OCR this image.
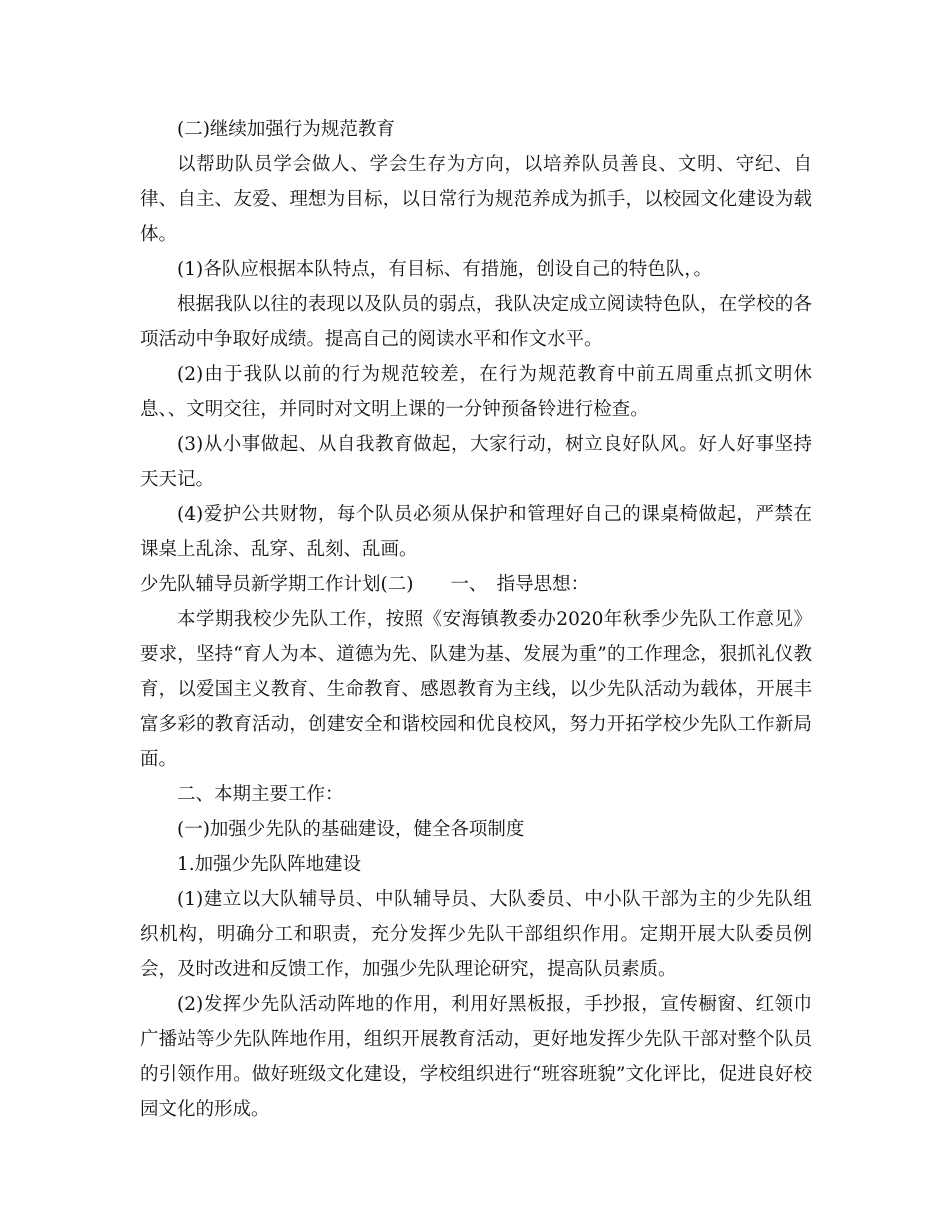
(二)继续加强行为规范教育

以帮助队员学会做人、学会生存为方向，以培养队员善良、文明、守纪、自律、自主、友爱、理想为目标，以日常行为规范养成为抓手，以校园文化建设为载体。

(1)各队应根据本队特点，有目标、有措施，创设自己的特色队，。

根据我队以往的表现以及队员的弱点，我队决定成立阅读特色队，在学校的各项活动中争取好成绩。提高自己的阅读水平和作文水平。

(2)由于我队以前的行为规范较差，在行为规范教育中前五周重点抓文明休息、、文明交往，并同时对文明上课的一分钟预备铃进行检查。

(3)从小事做起、从自我教育做起，大家行动，树立良好队风。好人好事坚持天天记。

(4)爱护公共财物，每个队员必须从保护和管理好自己的课桌椅做起，严禁在课桌上乱涂、乱穿、乱刻、乱画。

少先队辅导员新学期工作计划(二)　　一、　指导思想：

本学期我校少先队工作，按照《安海镇教委办2020年秋季少先队工作意见》要求，坚持“育人为本、道德为先、队建为基、发展为重”的工作理念，狠抓礼仪教育，以爱国主义教育、生命教育、感恩教育为主线，以少先队活动为载体，开展丰富多彩的教育活动，创建安全和谐校园和优良校风，努力开拓学校少先队工作新局面。

二、本期主要工作：

(一)加强少先队的基础建设，健全各项制度

1.加强少先队阵地建设

(1)建立以大队辅导员、中队辅导员、大队委员、中小队干部为主的少先队组织机构，明确分工和职责，充分发挥少先队干部组织作用。定期开展大队委员例会，及时改进和反馈工作，加强少先队理论研究，提高队员素质。

(2)发挥少先队活动阵地的作用，利用好黑板报，手抄报，宣传橱窗、红领巾广播站等少先队阵地作用，组织开展教育活动，更好地发挥少先队干部对整个队员的引领作用。做好班级文化建设，学校组织进行“班容班貌”文化评比，促进良好校园文化的形成。
